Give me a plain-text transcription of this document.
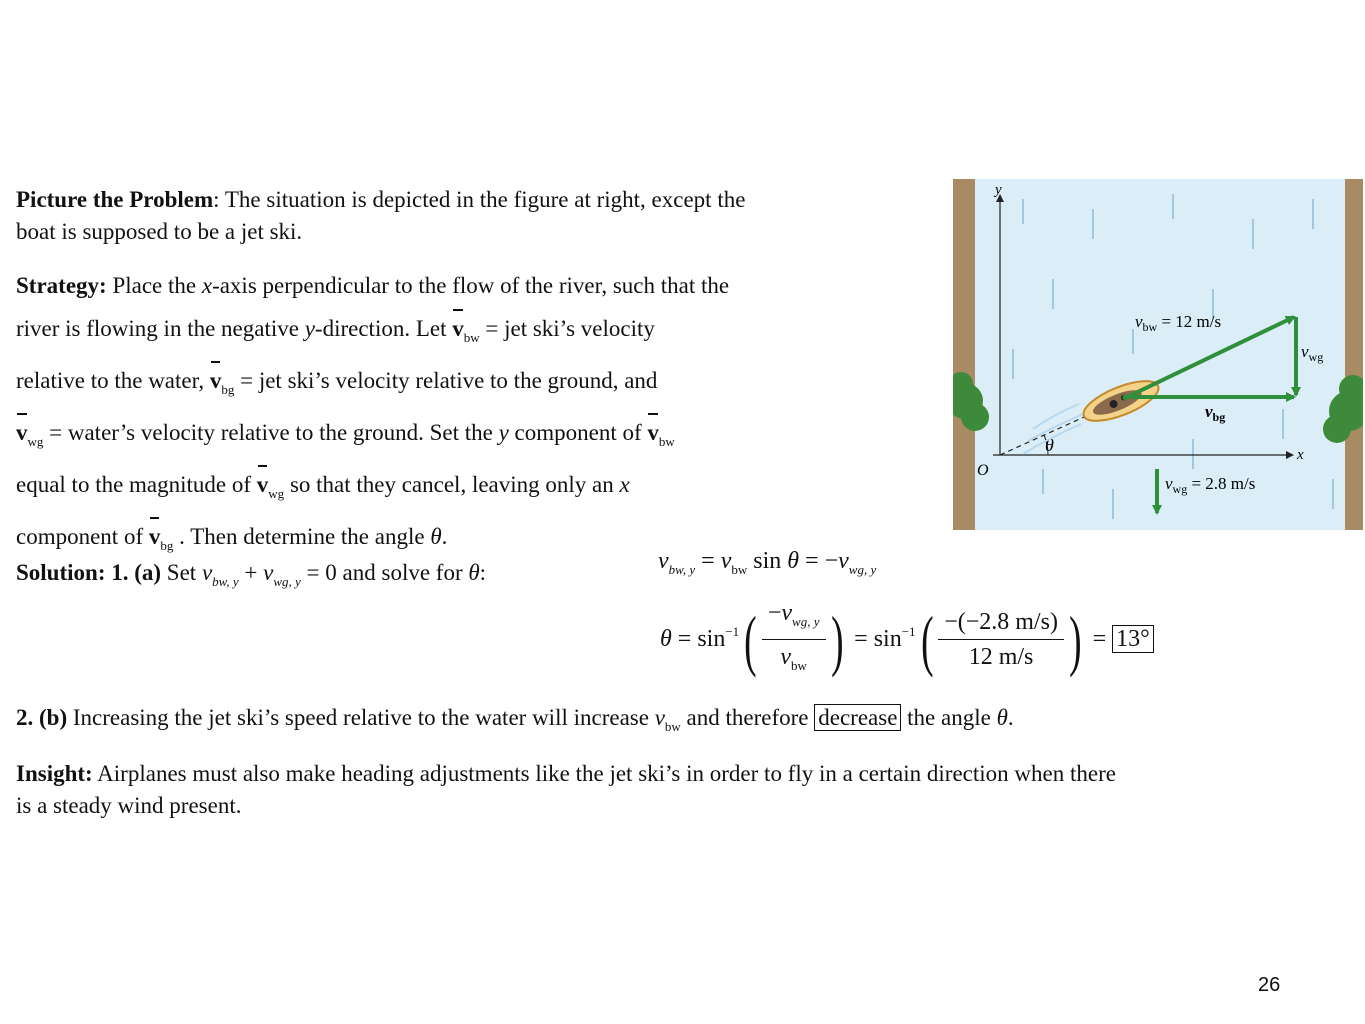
Picture the Problem: The situation is depicted in the figure at right, except the
boat is supposed to be a jet ski.
Strategy: Place the x-axis perpendicular to the flow of the river, such that the
river is flowing in the negative y-direction. Let $v_{bw}$ = jet ski’s velocity
relative to the water, $v_{bg}$ = jet ski’s velocity relative to the ground, and
$v_{wg}$ = water’s velocity relative to the ground. Set the y component of $v_{bw}$
equal to the magnitude of $v_{wg}$ so that they cancel, leaving only an x
component of $v_{bg}$ . Then determine the angle θ.
Solution: 1. (a) Set $v_{bw, y} + v_{wg, y} = 0$ and solve for θ:	$v_{bw, y} = v_{bw}$ $\sin \theta = -v_{wg, y}$
$\theta = \sin^{-1}( \frac{-v_{wg, y}}{v_{bw}}$ ) = $\sin^{-1}( \frac{-(-2.8 m/s)}{12 m/s}$ ) = 13°
2. (b) Increasing the jet ski’s speed relative to the water will increase $v_{bw}$ and therefore decrease the angle θ.
Insight: Airplanes must also make heading adjustments like the jet ski’s in order to fly in a certain direction when there
is a steady wind present.
y
x
O
θ
$v_{bw} = 12$ m/s
$v_{wg}$
$v_{bg}$
$v_{wg} = 2.8$ m/s
26
